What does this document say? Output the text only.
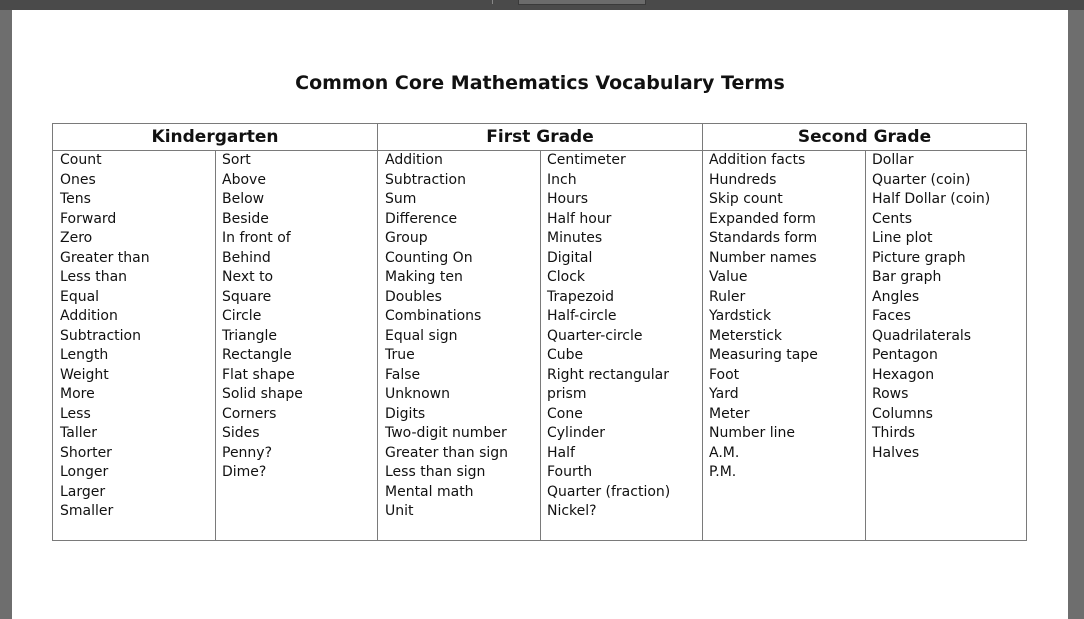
Common Core Mathematics Vocabulary Terms
Kindergarten	First Grade	Second Grade
Count
Ones
Tens
Forward
Zero
Greater than
Less than
Equal
Addition
Subtraction
Length
Weight
More
Less
Taller
Shorter
Longer
Larger
Smaller
Sort
Above
Below
Beside
In front of
Behind
Next to
Square
Circle
Triangle
Rectangle
Flat shape
Solid shape
Corners
Sides
Penny?
Dime?
Addition
Subtraction
Sum
Difference
Group
Counting On
Making ten
Doubles
Combinations
Equal sign
True
False
Unknown
Digits
Two-digit number
Greater than sign
Less than sign
Mental math
Unit
Centimeter
Inch
Hours
Half hour
Minutes
Digital
Clock
Trapezoid
Half-circle
Quarter-circle
Cube
Right rectangular
prism
Cone
Cylinder
Half
Fourth
Quarter (fraction)
Nickel?
Addition facts
Hundreds
Skip count
Expanded form
Standards form
Number names
Value
Ruler
Yardstick
Meterstick
Measuring tape
Foot
Yard
Meter
Number line
A.M.
P.M.
Dollar
Quarter (coin)
Half Dollar (coin)
Cents
Line plot
Picture graph
Bar graph
Angles
Faces
Quadrilaterals
Pentagon
Hexagon
Rows
Columns
Thirds
Halves
